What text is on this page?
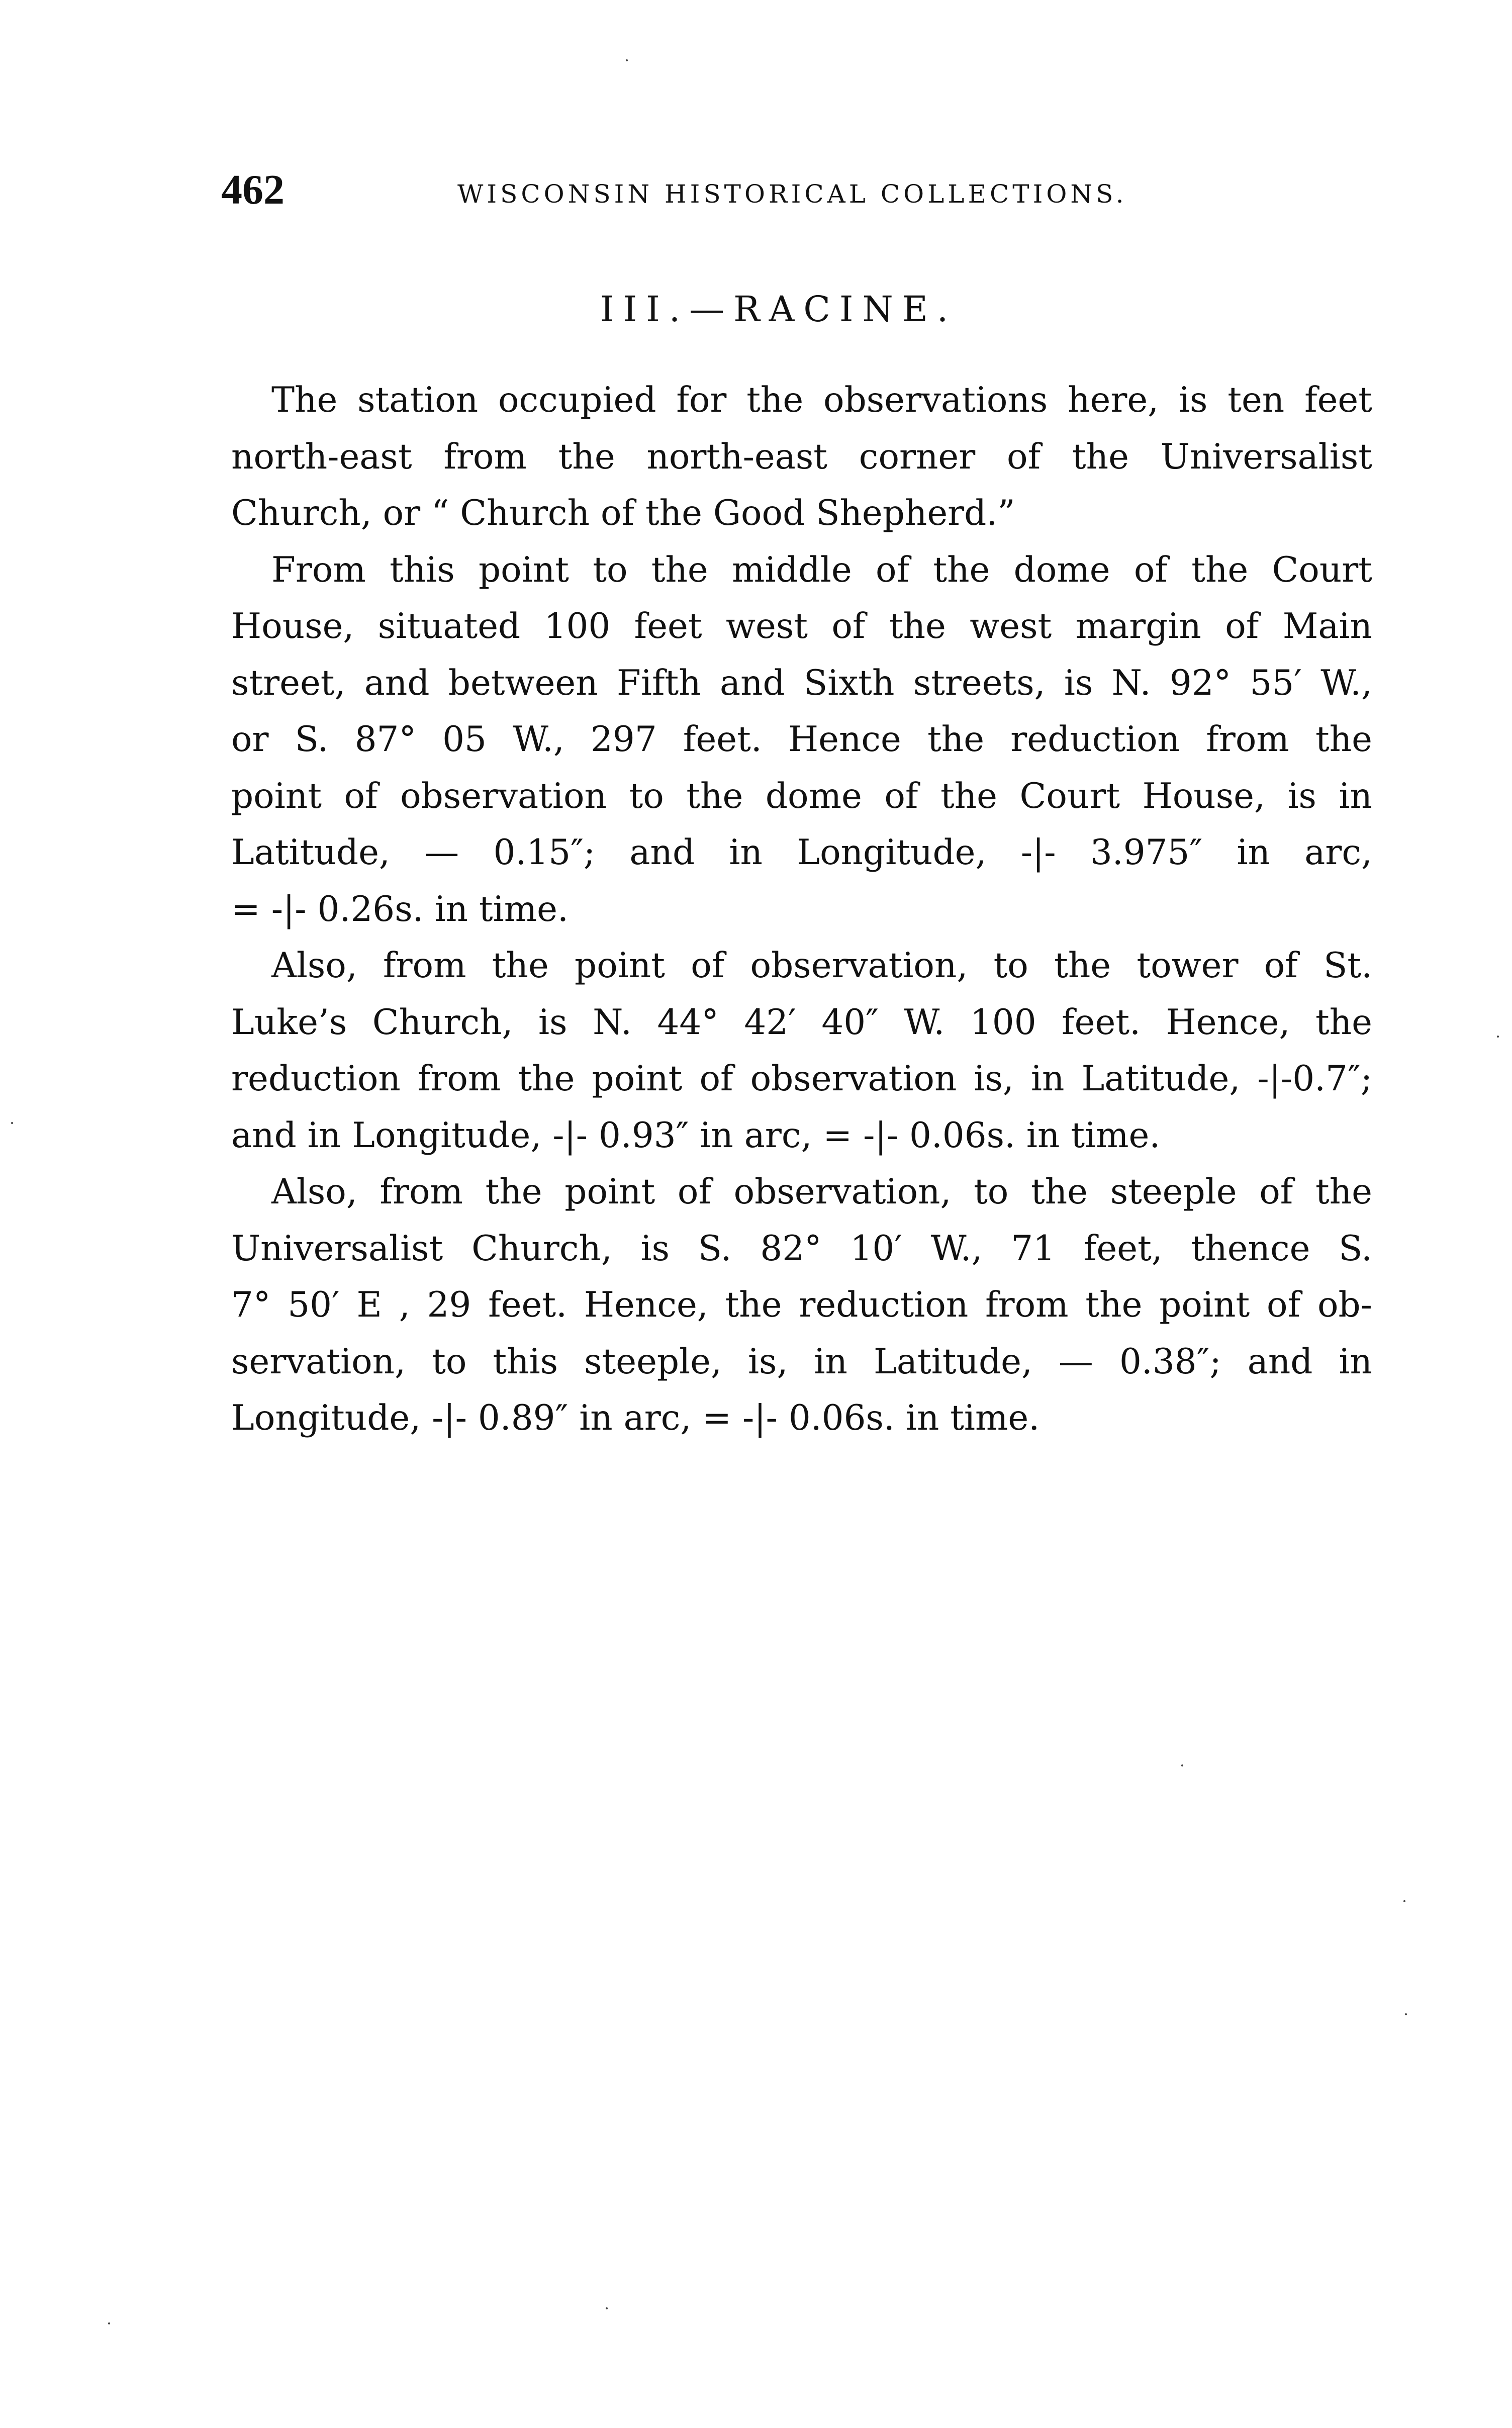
462	WISCONSIN HISTORICAL COLLECTIONS.
III.—RACINE.

The station occupied for the observations here, is ten feet
north-east from the north-east corner of the Universalist
Church, or “ Church of the Good Shepherd.”

From this point to the middle of the dome of the Court
House, situated 100 feet west of the west margin of Main
street, and between Fifth and Sixth streets, is N. 92° 55′ W.,
or S. 87° 05 W., 297 feet. Hence the reduction from the
point of observation to the dome of the Court House, is in
Latitude, — 0.15″; and in Longitude, -|- 3.975″ in arc,
= -|- 0.26s. in time.

Also, from the point of observation, to the tower of St.
Luke’s Church, is N. 44° 42′ 40″ W. 100 feet. Hence, the
reduction from the point of observation is, in Latitude, -|-0.7″;
and in Longitude, -|- 0.93″ in arc, = -|- 0.06s. in time.

Also, from the point of observation, to the steeple of the
Universalist Church, is S. 82° 10′ W., 71 feet, thence S.
7° 50′ E , 29 feet. Hence, the reduction from the point of ob-
servation, to this steeple, is, in Latitude, — 0.38″; and in
Longitude, -|- 0.89″ in arc, = -|- 0.06s. in time.
